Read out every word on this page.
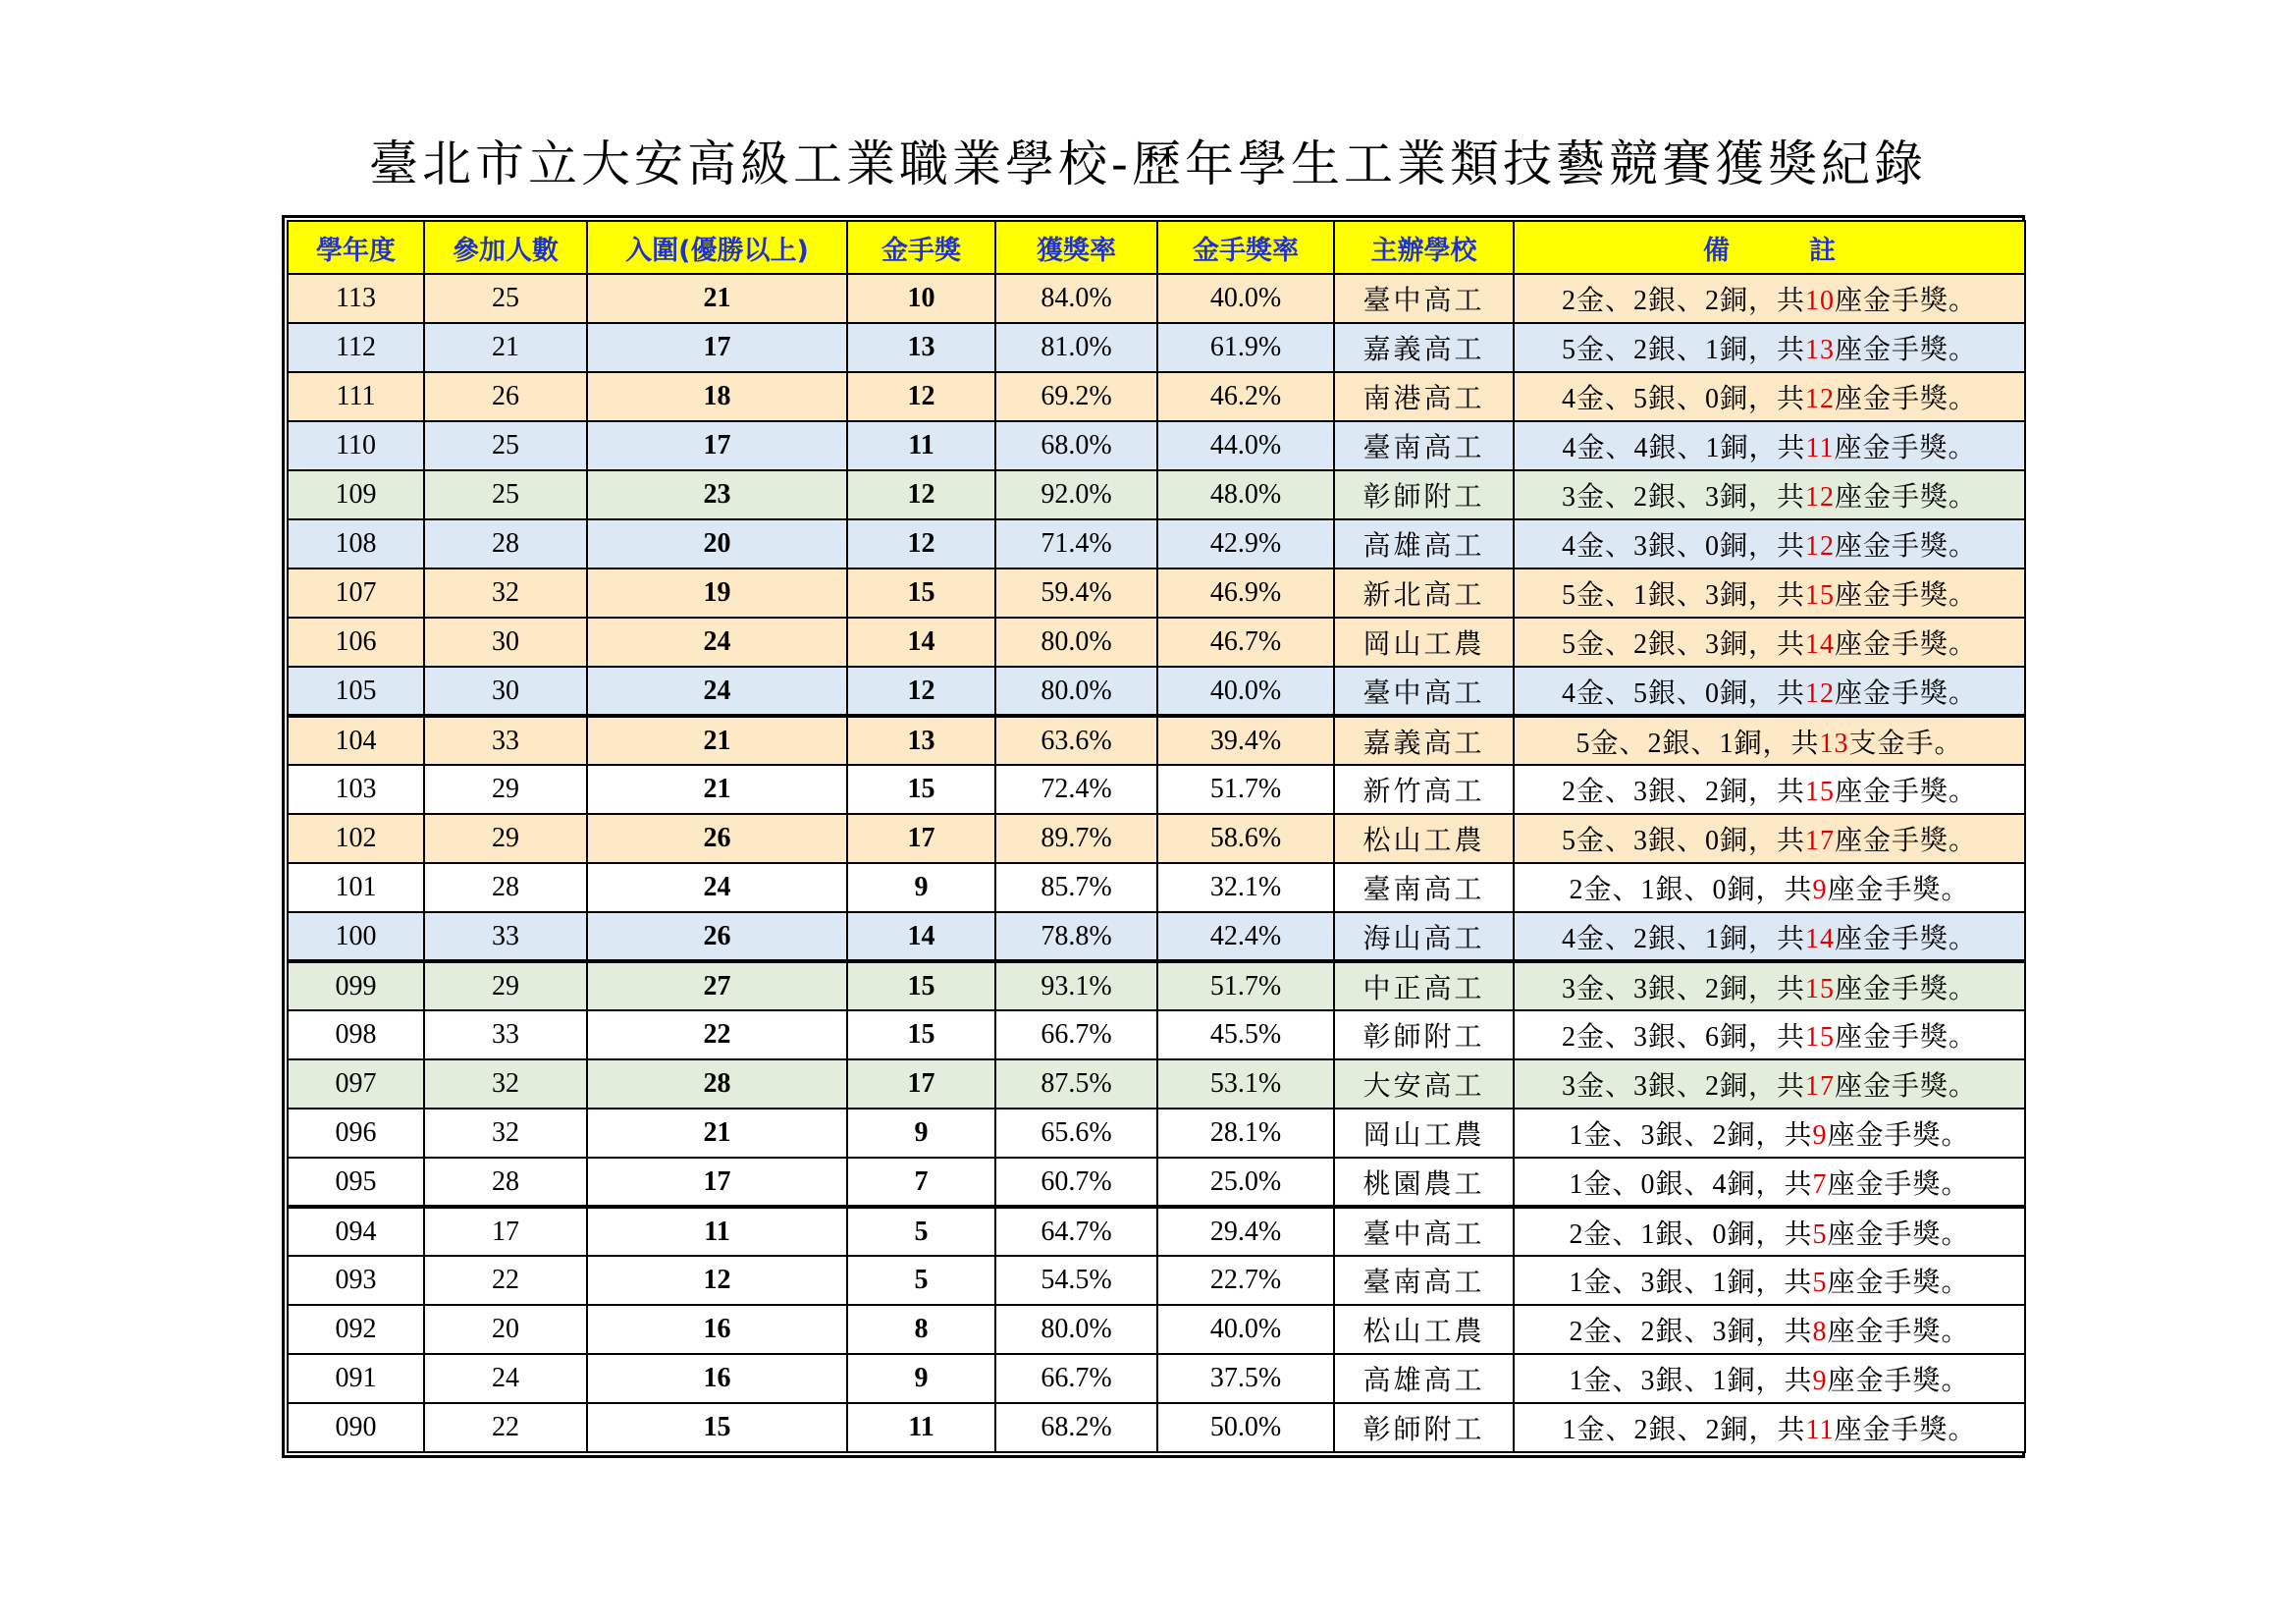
臺北市立大安高級工業職業學校-歷年學生工業類技藝競賽獲獎紀錄
學年度	參加人數	入圍(優勝以上)	金手獎	獲獎率	金手獎率	主辦學校	備　　　註
113	25	21	10	84.0%	40.0%	臺中高工	2金、2銀、2銅，共10座金手獎。
112	21	17	13	81.0%	61.9%	嘉義高工	5金、2銀、1銅，共13座金手獎。
111	26	18	12	69.2%	46.2%	南港高工	4金、5銀、0銅，共12座金手獎。
110	25	17	11	68.0%	44.0%	臺南高工	4金、4銀、1銅，共11座金手獎。
109	25	23	12	92.0%	48.0%	彰師附工	3金、2銀、3銅，共12座金手獎。
108	28	20	12	71.4%	42.9%	高雄高工	4金、3銀、0銅，共12座金手獎。
107	32	19	15	59.4%	46.9%	新北高工	5金、1銀、3銅，共15座金手獎。
106	30	24	14	80.0%	46.7%	岡山工農	5金、2銀、3銅，共14座金手獎。
105	30	24	12	80.0%	40.0%	臺中高工	4金、5銀、0銅，共12座金手獎。
104	33	21	13	63.6%	39.4%	嘉義高工	5金、2銀、1銅，共13支金手。
103	29	21	15	72.4%	51.7%	新竹高工	2金、3銀、2銅，共15座金手獎。
102	29	26	17	89.7%	58.6%	松山工農	5金、3銀、0銅，共17座金手獎。
101	28	24	9	85.7%	32.1%	臺南高工	2金、1銀、0銅，共9座金手獎。
100	33	26	14	78.8%	42.4%	海山高工	4金、2銀、1銅，共14座金手獎。
099	29	27	15	93.1%	51.7%	中正高工	3金、3銀、2銅，共15座金手獎。
098	33	22	15	66.7%	45.5%	彰師附工	2金、3銀、6銅，共15座金手獎。
097	32	28	17	87.5%	53.1%	大安高工	3金、3銀、2銅，共17座金手獎。
096	32	21	9	65.6%	28.1%	岡山工農	1金、3銀、2銅，共9座金手獎。
095	28	17	7	60.7%	25.0%	桃園農工	1金、0銀、4銅，共7座金手獎。
094	17	11	5	64.7%	29.4%	臺中高工	2金、1銀、0銅，共5座金手獎。
093	22	12	5	54.5%	22.7%	臺南高工	1金、3銀、1銅，共5座金手獎。
092	20	16	8	80.0%	40.0%	松山工農	2金、2銀、3銅，共8座金手獎。
091	24	16	9	66.7%	37.5%	高雄高工	1金、3銀、1銅，共9座金手獎。
090	22	15	11	68.2%	50.0%	彰師附工	1金、2銀、2銅，共11座金手獎。
